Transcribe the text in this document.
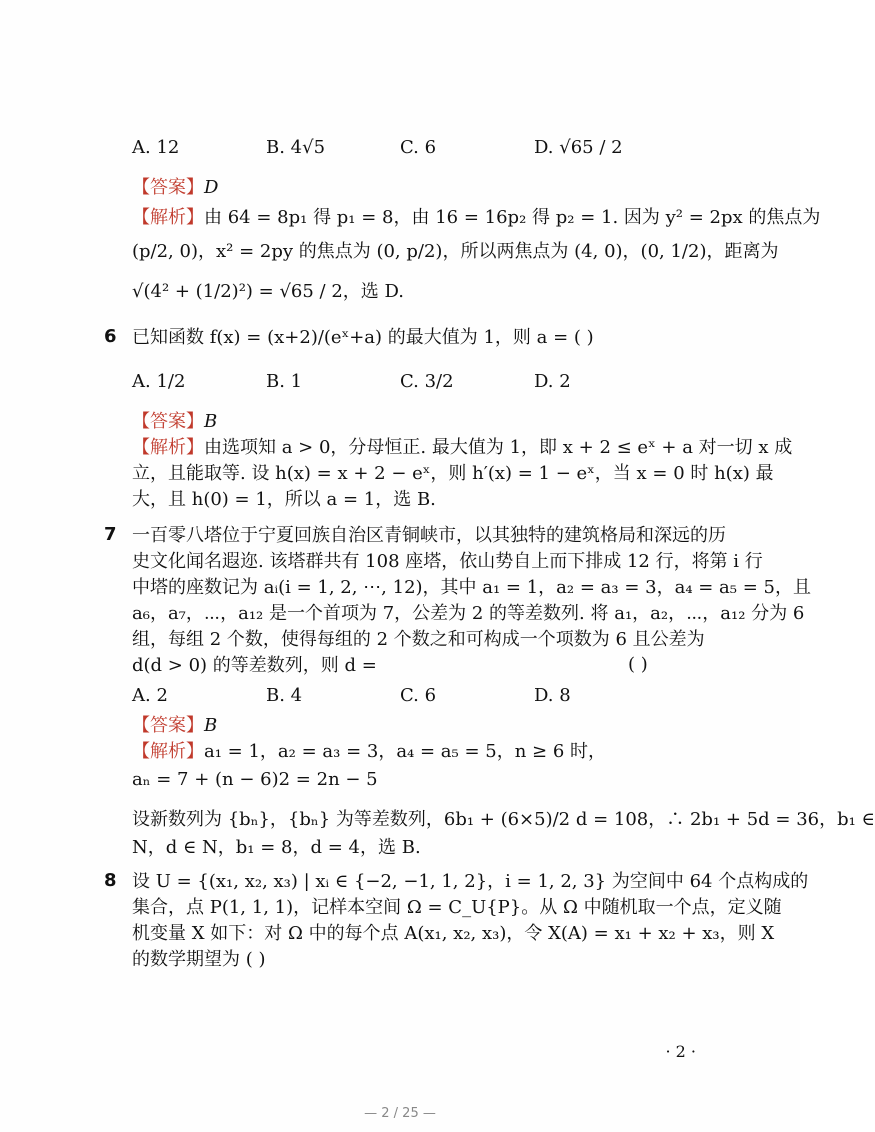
A. 12	B. 4√5	C. 6	D. √65 / 2
【答案】D
【解析】由 64 = 8p₁ 得 p₁ = 8，由 16 = 16p₂ 得 p₂ = 1. 因为 y² = 2px 的焦点为
(p/2, 0)，x² = 2py 的焦点为 (0, p/2)，所以两焦点为 (4, 0)，(0, 1/2)，距离为
√(4² + (1/2)²) = √65 / 2，选 D.
6 已知函数 f(x) = (x+2)/(eˣ+a) 的最大值为 1，则 a = ( )
A. 1/2	B. 1	C. 3/2	D. 2
【答案】B
【解析】由选项知 a > 0，分母恒正. 最大值为 1，即 x + 2 ≤ eˣ + a 对一切 x 成
立，且能取等. 设 h(x) = x + 2 − eˣ，则 h′(x) = 1 − eˣ，当 x = 0 时 h(x) 最
大，且 h(0) = 1，所以 a = 1，选 B.
7 一百零八塔位于宁夏回族自治区青铜峡市，以其独特的建筑格局和深远的历
史文化闻名遐迩. 该塔群共有 108 座塔，依山势自上而下排成 12 行，将第 i 行
中塔的座数记为 aᵢ(i = 1, 2, ⋯, 12)，其中 a₁ = 1，a₂ = a₃ = 3，a₄ = a₅ = 5，且
a₆，a₇，⋯，a₁₂ 是一个首项为 7，公差为 2 的等差数列. 将 a₁，a₂，⋯，a₁₂ 分为 6
组，每组 2 个数，使得每组的 2 个数之和可构成一个项数为 6 且公差为
d(d > 0) 的等差数列，则 d =	( )
A. 2	B. 4	C. 6	D. 8
【答案】B
【解析】a₁ = 1，a₂ = a₃ = 3，a₄ = a₅ = 5，n ≥ 6 时，
aₙ = 7 + (n − 6)2 = 2n − 5
设新数列为 {bₙ}，{bₙ} 为等差数列，6b₁ + (6×5)/2 d = 108，∴ 2b₁ + 5d = 36，b₁ ∈
N，d ∈ N，b₁ = 8，d = 4，选 B.
8 设 U = {(x₁, x₂, x₃) | xᵢ ∈ {−2, −1, 1, 2}，i = 1, 2, 3} 为空间中 64 个点构成的
集合，点 P(1, 1, 1)，记样本空间 Ω = C_U{P}。从 Ω 中随机取一个点，定义随
机变量 X 如下：对 Ω 中的每个点 A(x₁, x₂, x₃)，令 X(A) = x₁ + x₂ + x₃，则 X
的数学期望为 ( )
· 2 ·
— 2 / 25 —
